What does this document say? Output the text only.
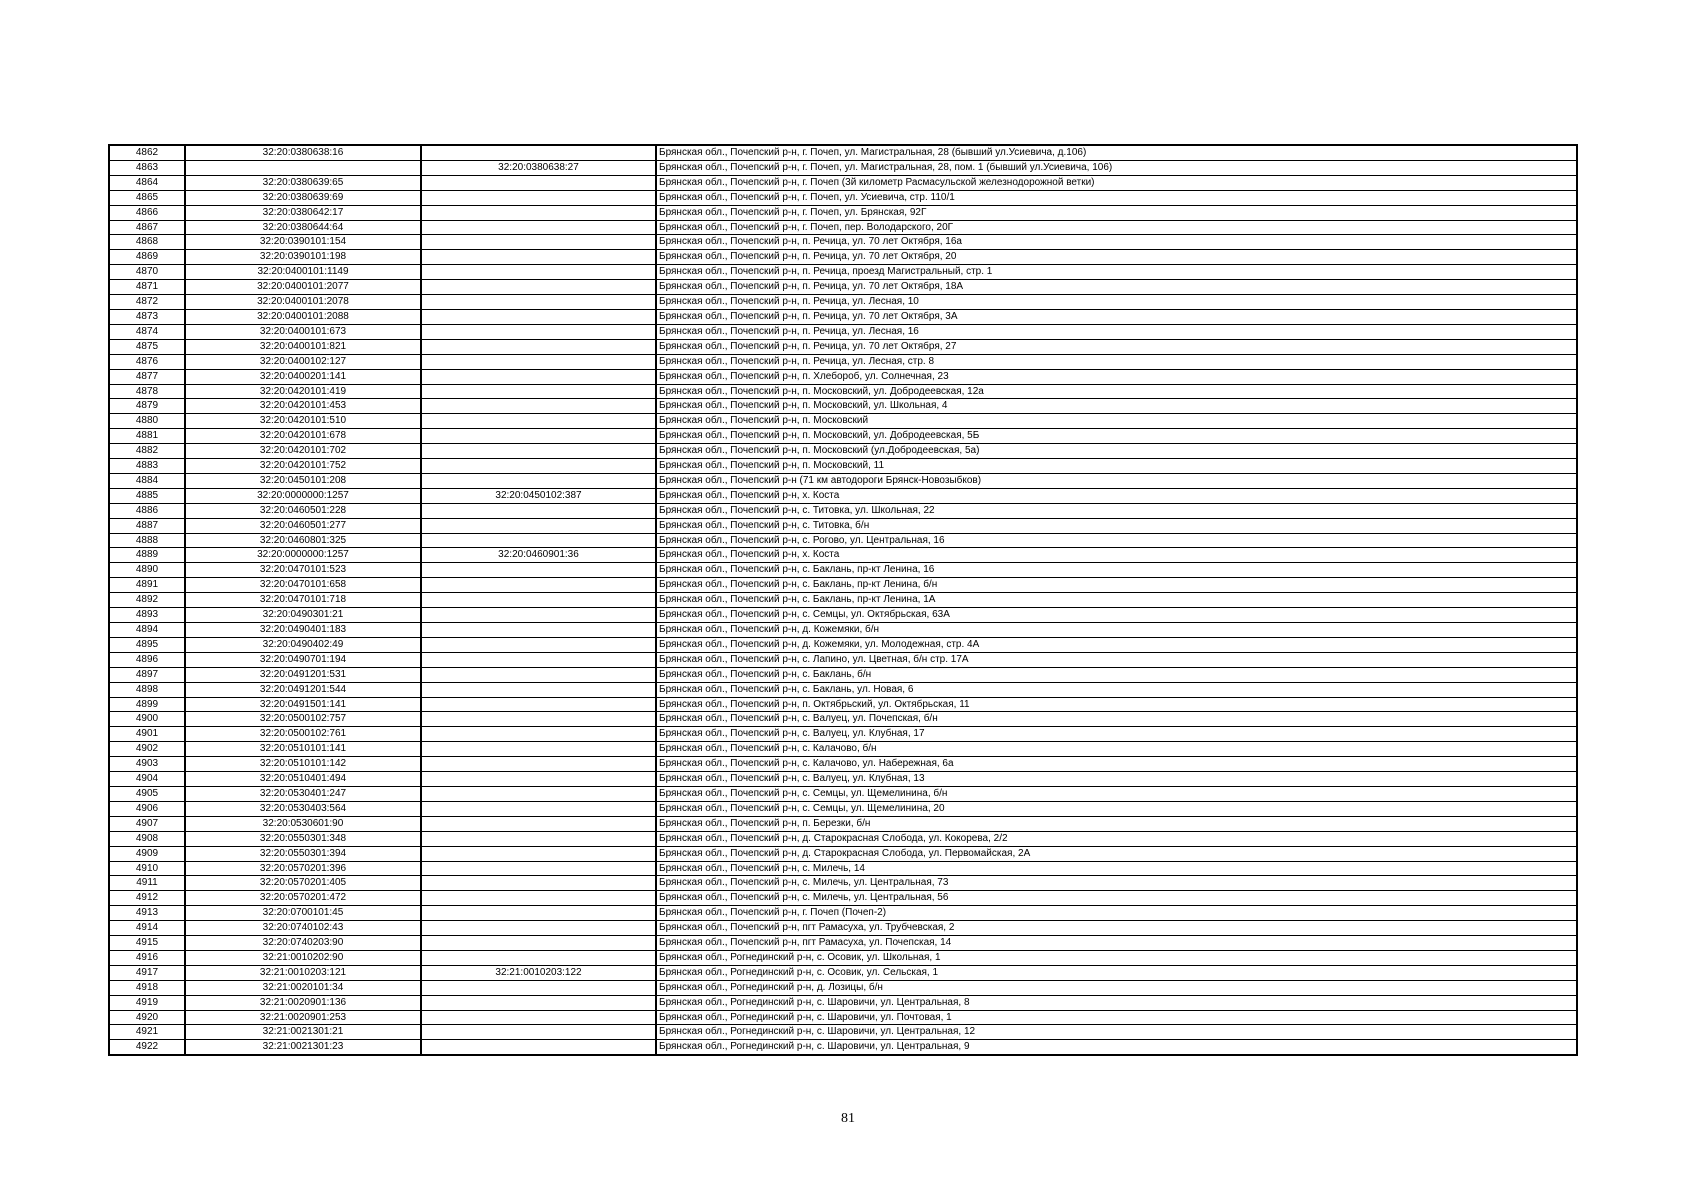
4862	32:20:0380638:16		Брянская обл., Почепский р-н, г. Почеп, ул. Магистральная, 28 (бывший ул.Усиевича, д.106)
4863		32:20:0380638:27	Брянская обл., Почепский р-н, г. Почеп, ул. Магистральная, 28, пом. 1 (бывший ул.Усиевича, 106)
4864	32:20:0380639:65		Брянская обл., Почепский р-н, г. Почеп (3й километр Расмасульской железнодорожной ветки)
4865	32:20:0380639:69		Брянская обл., Почепский р-н, г. Почеп, ул. Усиевича, стр. 110/1
4866	32:20:0380642:17		Брянская обл., Почепский р-н, г. Почеп, ул. Брянская, 92Г
4867	32:20:0380644:64		Брянская обл., Почепский р-н, г. Почеп, пер. Володарского, 20Г
4868	32:20:0390101:154		Брянская обл., Почепский р-н, п. Речица, ул. 70 лет Октября, 16а
4869	32:20:0390101:198		Брянская обл., Почепский р-н, п. Речица, ул. 70 лет Октября, 20
4870	32:20:0400101:1149		Брянская обл., Почепский р-н, п. Речица, проезд Магистральный, стр. 1
4871	32:20:0400101:2077		Брянская обл., Почепский р-н, п. Речица, ул. 70 лет Октября, 18А
4872	32:20:0400101:2078		Брянская обл., Почепский р-н, п. Речица, ул. Лесная, 10
4873	32:20:0400101:2088		Брянская обл., Почепский р-н, п. Речица, ул. 70 лет Октября, 3А
4874	32:20:0400101:673		Брянская обл., Почепский р-н, п. Речица, ул. Лесная, 16
4875	32:20:0400101:821		Брянская обл., Почепский р-н, п. Речица, ул. 70 лет Октября, 27
4876	32:20:0400102:127		Брянская обл., Почепский р-н, п. Речица, ул. Лесная, стр. 8
4877	32:20:0400201:141		Брянская обл., Почепский р-н, п. Хлебороб, ул. Солнечная, 23
4878	32:20:0420101:419		Брянская обл., Почепский р-н, п. Московский, ул. Добродеевская, 12а
4879	32:20:0420101:453		Брянская обл., Почепский р-н, п. Московский, ул. Школьная, 4
4880	32:20:0420101:510		Брянская обл., Почепский р-н, п. Московский
4881	32:20:0420101:678		Брянская обл., Почепский р-н, п. Московский, ул. Добродеевская, 5Б
4882	32:20:0420101:702		Брянская обл., Почепский р-н, п. Московский (ул.Добродеевская, 5а)
4883	32:20:0420101:752		Брянская обл., Почепский р-н, п. Московский, 11
4884	32:20:0450101:208		Брянская обл., Почепский р-н (71 км автодороги Брянск-Новозыбков)
4885	32:20:0000000:1257	32:20:0450102:387	Брянская обл., Почепский р-н, х. Коста
4886	32:20:0460501:228		Брянская обл., Почепский р-н, с. Титовка, ул. Школьная, 22
4887	32:20:0460501:277		Брянская обл., Почепский р-н, с. Титовка, б/н
4888	32:20:0460801:325		Брянская обл., Почепский р-н, с. Рогово, ул. Центральная, 16
4889	32:20:0000000:1257	32:20:0460901:36	Брянская обл., Почепский р-н, х. Коста
4890	32:20:0470101:523		Брянская обл., Почепский р-н, с. Баклань, пр-кт Ленина, 16
4891	32:20:0470101:658		Брянская обл., Почепский р-н, с. Баклань, пр-кт Ленина, б/н
4892	32:20:0470101:718		Брянская обл., Почепский р-н, с. Баклань, пр-кт Ленина, 1А
4893	32:20:0490301:21		Брянская обл., Почепский р-н, с. Семцы, ул. Октябрьская, 63А
4894	32:20:0490401:183		Брянская обл., Почепский р-н, д. Кожемяки, б/н
4895	32:20:0490402:49		Брянская обл., Почепский р-н, д. Кожемяки, ул. Молодежная, стр. 4А
4896	32:20:0490701:194		Брянская обл., Почепский р-н, с. Лапино, ул. Цветная, б/н стр. 17А
4897	32:20:0491201:531		Брянская обл., Почепский р-н, с. Баклань, б/н
4898	32:20:0491201:544		Брянская обл., Почепский р-н, с. Баклань, ул. Новая, 6
4899	32:20:0491501:141		Брянская обл., Почепский р-н, п. Октябрьский, ул. Октябрьская, 11
4900	32:20:0500102:757		Брянская обл., Почепский р-н, с. Валуец, ул. Почепская, б/н
4901	32:20:0500102:761		Брянская обл., Почепский р-н, с. Валуец, ул. Клубная, 17
4902	32:20:0510101:141		Брянская обл., Почепский р-н, с. Калачово, б/н
4903	32:20:0510101:142		Брянская обл., Почепский р-н, с. Калачово, ул. Набережная, 6а
4904	32:20:0510401:494		Брянская обл., Почепский р-н, с. Валуец, ул. Клубная, 13
4905	32:20:0530401:247		Брянская обл., Почепский р-н, с. Семцы, ул. Щемелинина, б/н
4906	32:20:0530403:564		Брянская обл., Почепский р-н, с. Семцы, ул. Щемелинина, 20
4907	32:20:0530601:90		Брянская обл., Почепский р-н, п. Березки, б/н
4908	32:20:0550301:348		Брянская обл., Почепский р-н, д. Старокрасная Слобода, ул. Кокорева, 2/2
4909	32:20:0550301:394		Брянская обл., Почепский р-н, д. Старокрасная Слобода, ул. Первомайская, 2А
4910	32:20:0570201:396		Брянская обл., Почепский р-н, с. Милечь, 14
4911	32:20:0570201:405		Брянская обл., Почепский р-н, с. Милечь, ул. Центральная, 73
4912	32:20:0570201:472		Брянская обл., Почепский р-н, с. Милечь, ул. Центральная, 56
4913	32:20:0700101:45		Брянская обл., Почепский р-н, г. Почеп (Почеп-2)
4914	32:20:0740102:43		Брянская обл., Почепский р-н, пгт Рамасуха, ул. Трубчевская, 2
4915	32:20:0740203:90		Брянская обл., Почепский р-н, пгт Рамасуха, ул. Почепская, 14
4916	32:21:0010202:90		Брянская обл., Рогнединский р-н, с. Осовик, ул. Школьная, 1
4917	32:21:0010203:121	32:21:0010203:122	Брянская обл., Рогнединский р-н, с. Осовик, ул. Сельская, 1
4918	32:21:0020101:34		Брянская обл., Рогнединский р-н, д. Лозицы, б/н
4919	32:21:0020901:136		Брянская обл., Рогнединский р-н, с. Шаровичи, ул. Центральная, 8
4920	32:21:0020901:253		Брянская обл., Рогнединский р-н, с. Шаровичи, ул. Почтовая, 1
4921	32:21:0021301:21		Брянская обл., Рогнединский р-н, с. Шаровичи, ул. Центральная, 12
4922	32:21:0021301:23		Брянская обл., Рогнединский р-н, с. Шаровичи, ул. Центральная, 9
81
